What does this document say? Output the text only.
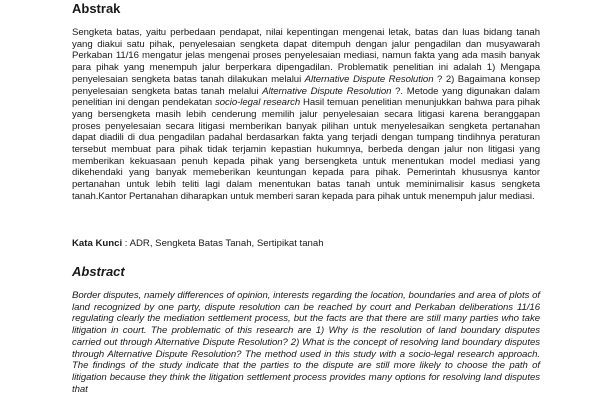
Abstrak

Sengketa batas, yaitu perbedaan pendapat, nilai kepentingan mengenai letak, batas dan luas bidang tanah yang diakui satu pihak, penyelesaian sengketa dapat ditempuh dengan jalur pengadilan dan musyawarah Perkaban 11/16 mengatur jelas mengenai proses penyelesaian mediasi, namun fakta yang ada masih banyak para pihak yang menempuh jalur berperkara dipengadilan. Problematik penelitian ini adalah 1) Mengapa penyelesaian sengketa batas tanah dilakukan melalui Alternative Dispute Resolution ? 2) Bagaimana konsep penyelesaian sengketa batas tanah melalui Alternative Dispute Resolution ?. Metode yang digunakan dalam penelitian ini dengan pendekatan socio-legal research Hasil temuan penelitian menunjukkan bahwa para pihak yang bersengketa masih lebih cenderung memilih jalur penyelesaian secara litigasi karena beranggapan proses penyelesaian secara litigasi memberikan banyak pilihan untuk menyelesaikan sengketa pertanahan dapat diadili di dua pengadilan padahal berdasarkan fakta yang terjadi dengan tumpang tindihnya peraturan tersebut membuat para pihak tidak terjamin kepastian hukumnya, berbeda dengan jalur non litigasi yang memberikan kekuasaan penuh kepada pihak yang bersengketa untuk menentukan model mediasi yang dikehendaki yang banyak memeberikan keuntungan kepada para pihak. Pemerintah khususnya kantor pertanahan untuk lebih teliti lagi dalam menentukan batas tanah untuk meminimalisir kasus sengketa tanah.Kantor Pertanahan diharapkan untuk memberi saran kepada para pihak untuk menempuh jalur mediasi.

Kata Kunci : ADR, Sengketa Batas Tanah, Sertipikat tanah

Abstract

Border disputes, namely differences of opinion, interests regarding the location, boundaries and area of plots of land recognized by one party, dispute resolution can be reached by court and Perkaban deliberations 11/16 regulating clearly the mediation settlement process, but the facts are that there are still many parties who take litigation in court. The problematic of this research are 1) Why is the resolution of land boundary disputes carried out through Alternative Dispute Resolution? 2) What is the concept of resolving land boundary disputes through Alternative Dispute Resolution? The method used in this study with a socio-legal research approach. The findings of the study indicate that the parties to the dispute are still more likely to choose the path of litigation because they think the litigation settlement process provides many options for resolving land disputes that
